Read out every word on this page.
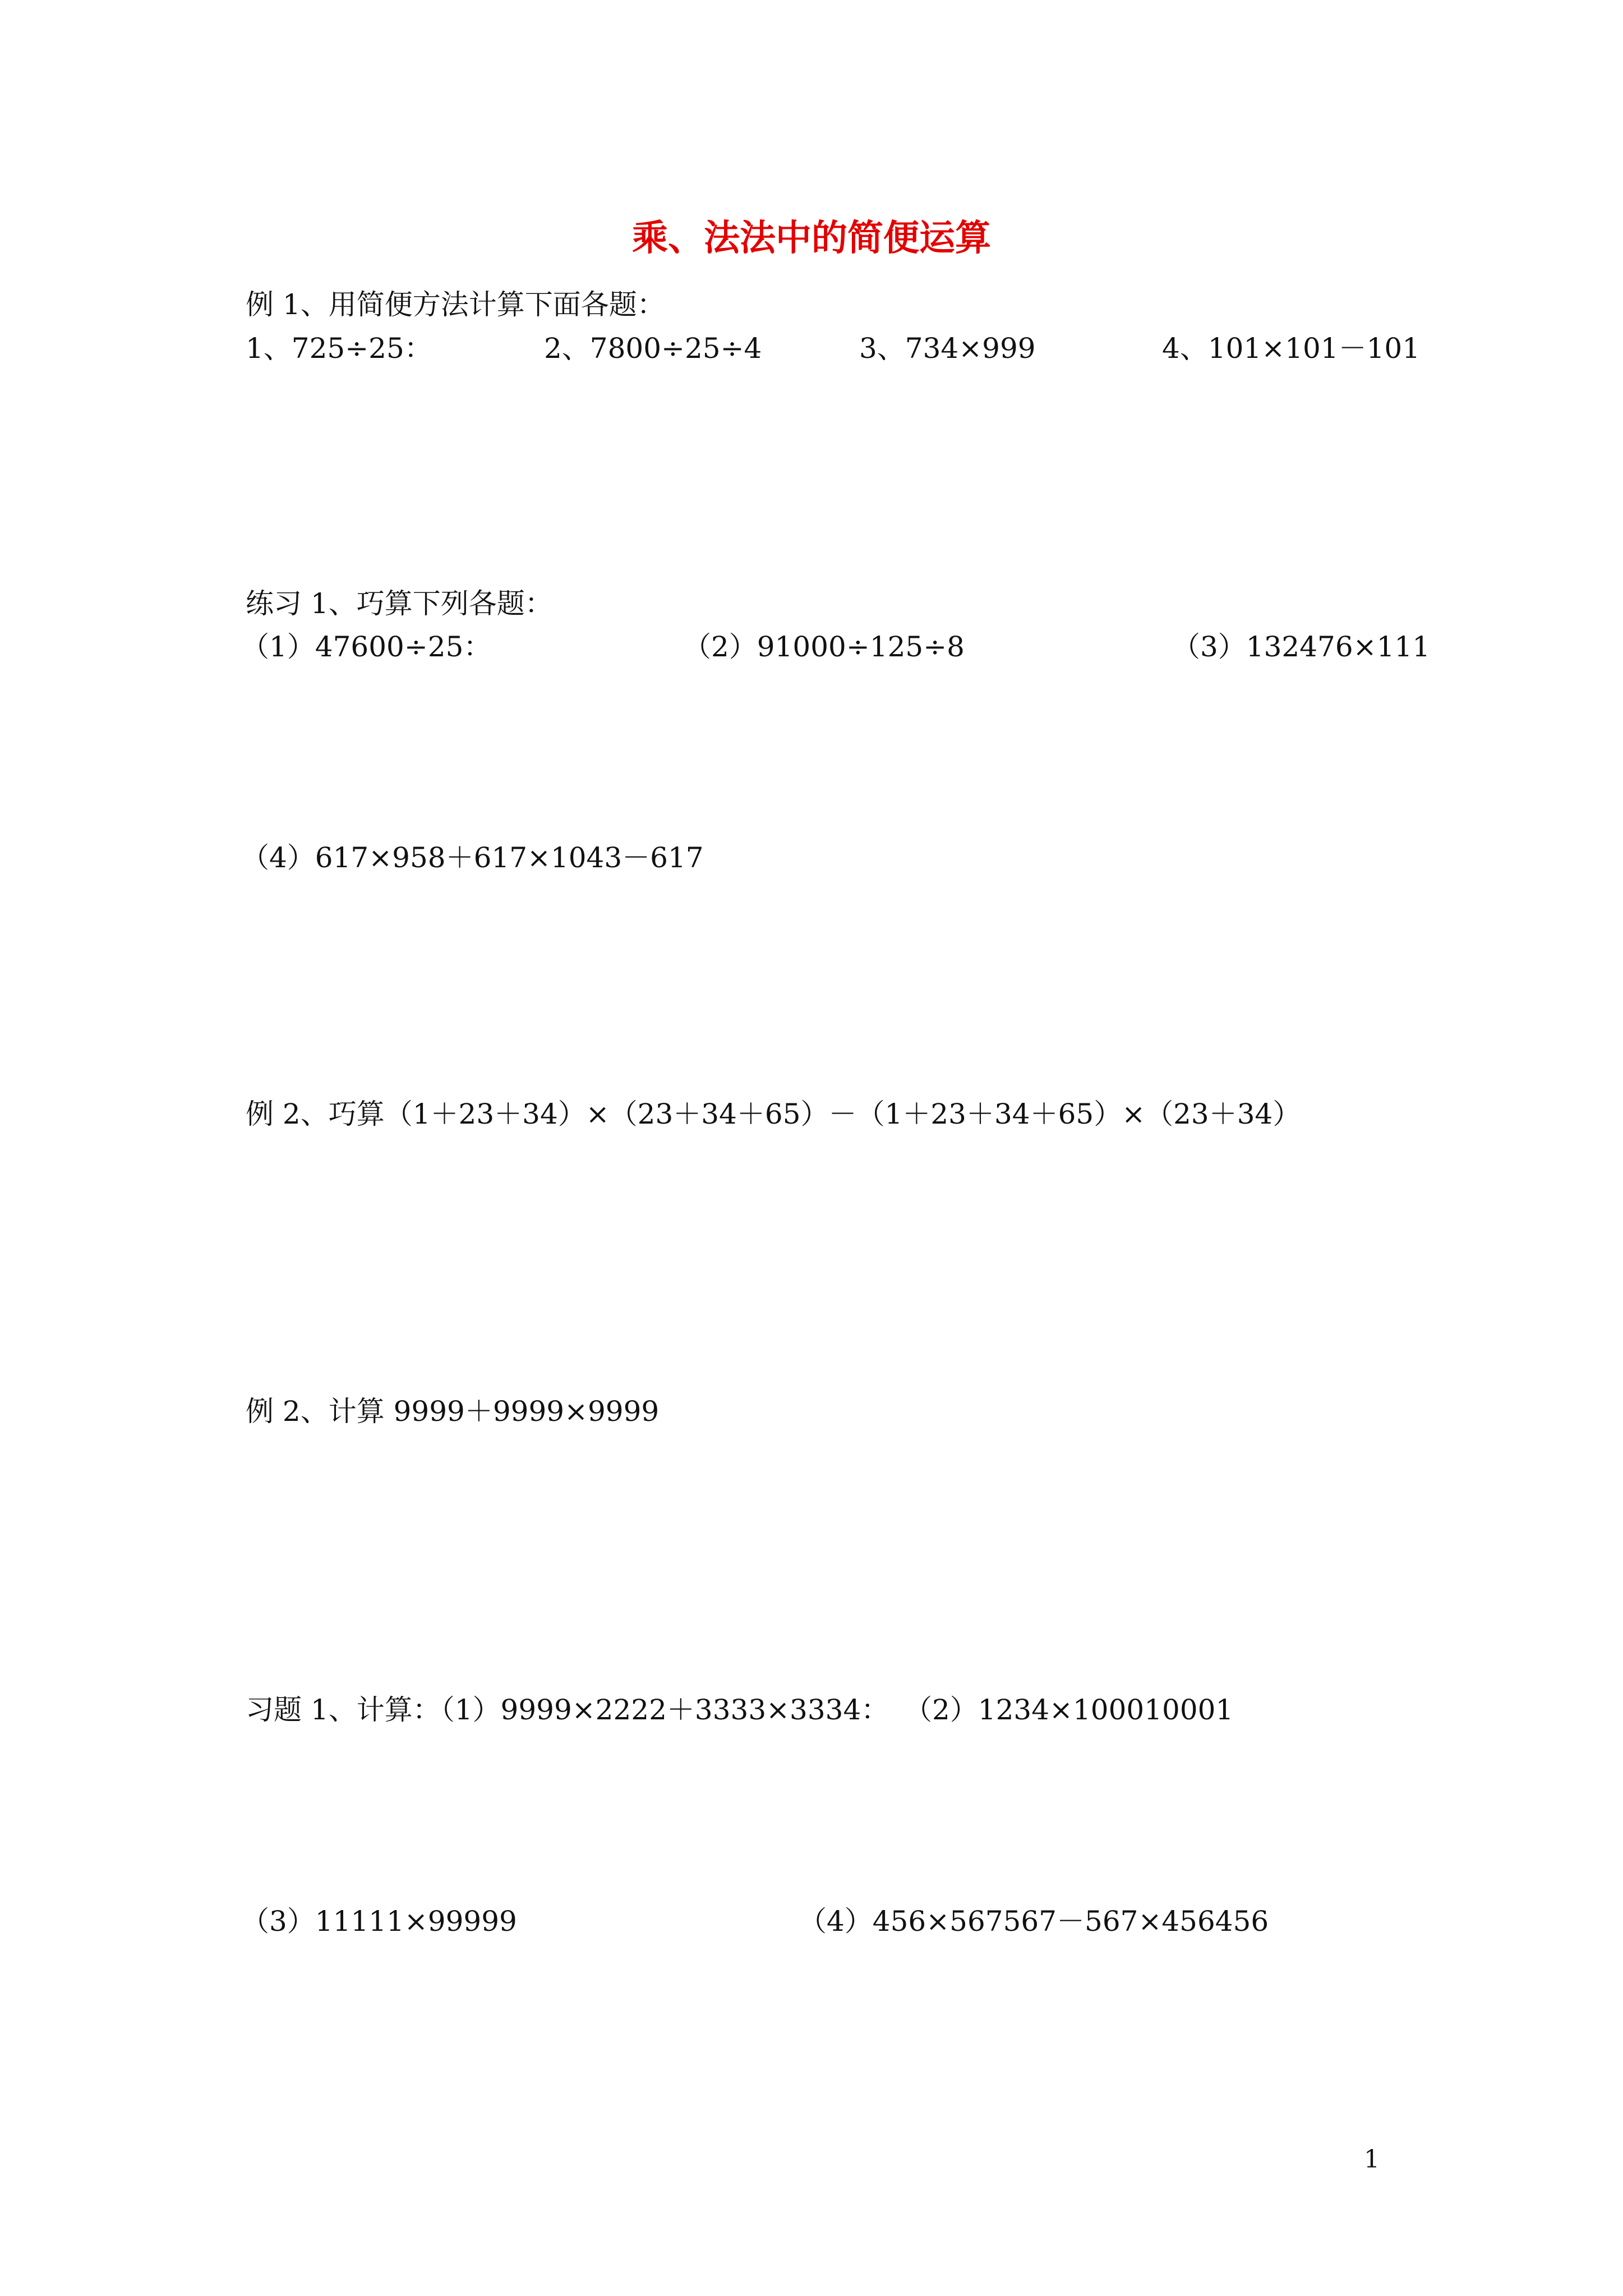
乘、法法中的简便运算
例 1、用简便方法计算下面各题：
1、725÷25：	2、7800÷25÷4	3、734×999	4、101×101－101
练习 1、巧算下列各题：
（1）47600÷25：	（2）91000÷125÷8	（3）132476×111
（4）617×958＋617×1043－617
例 2、巧算（1＋23＋34）×（23＋34＋65）－（1＋23＋34＋65）×（23＋34）
例 2、计算 9999＋9999×9999
习题 1、计算：（1）9999×2222＋3333×3334： （2）1234×100010001
（3）11111×99999	（4）456×567567－567×456456
1
